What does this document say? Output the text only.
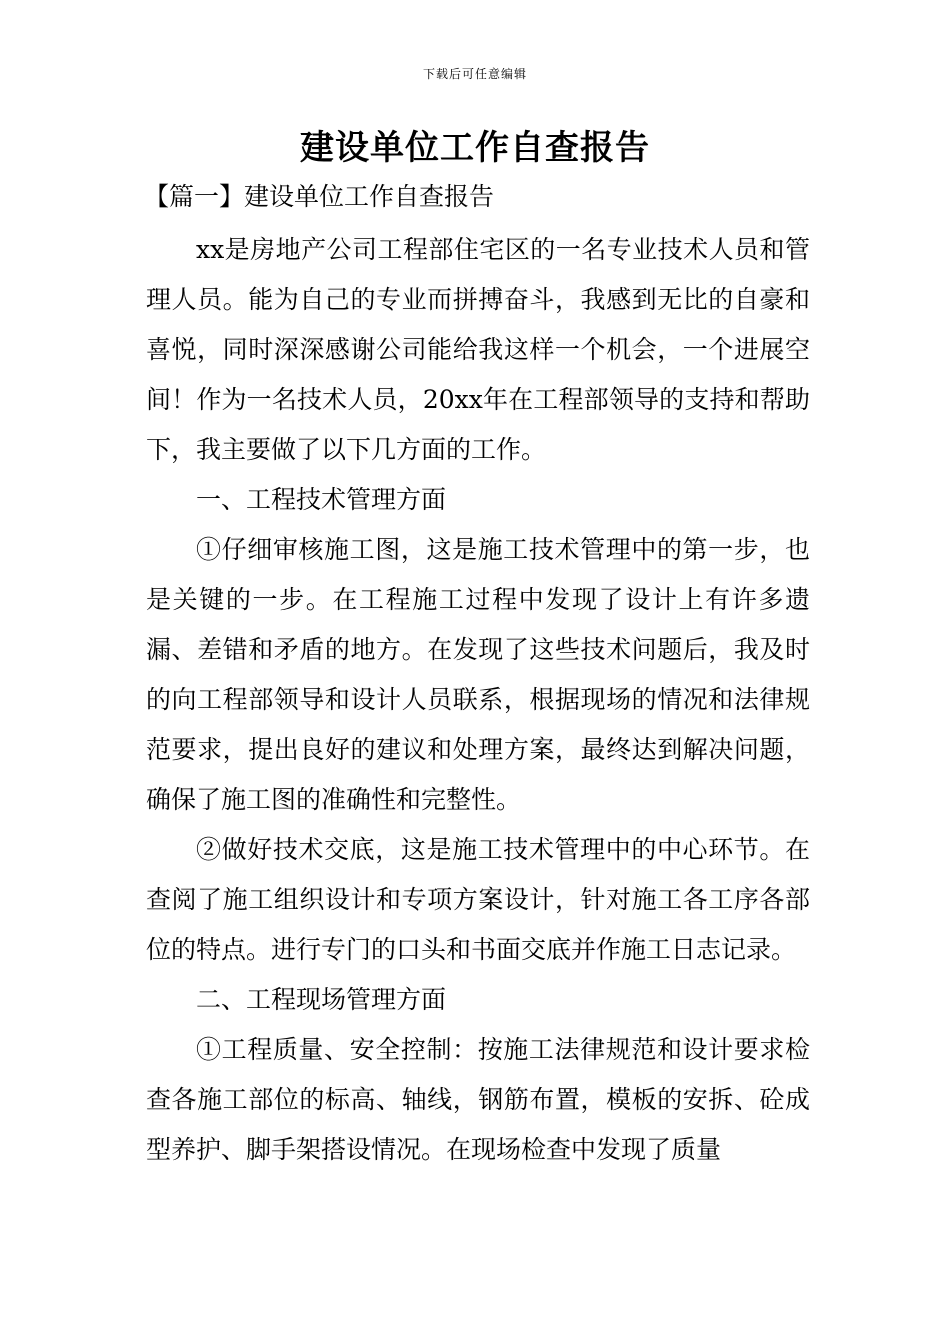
下载后可任意编辑
建设单位工作自查报告
【篇一】建设单位工作自查报告

xx是房地产公司工程部住宅区的一名专业技术人员和管理人员。能为自己的专业而拼搏奋斗，我感到无比的自豪和喜悦，同时深深感谢公司能给我这样一个机会，一个进展空间！作为一名技术人员，20xx年在工程部领导的支持和帮助下，我主要做了以下几方面的工作。

一、工程技术管理方面

①仔细审核施工图，这是施工技术管理中的第一步，也是关键的一步。在工程施工过程中发现了设计上有许多遗漏、差错和矛盾的地方。在发现了这些技术问题后，我及时的向工程部领导和设计人员联系，根据现场的情况和法律规范要求，提出良好的建议和处理方案，最终达到解决问题，确保了施工图的准确性和完整性。

②做好技术交底，这是施工技术管理中的中心环节。在查阅了施工组织设计和专项方案设计，针对施工各工序各部位的特点。进行专门的口头和书面交底并作施工日志记录。

二、工程现场管理方面

①工程质量、安全控制：按施工法律规范和设计要求检查各施工部位的标高、轴线，钢筋布置，模板的安拆、砼成型养护、脚手架搭设情况。在现场检查中发现了质量
